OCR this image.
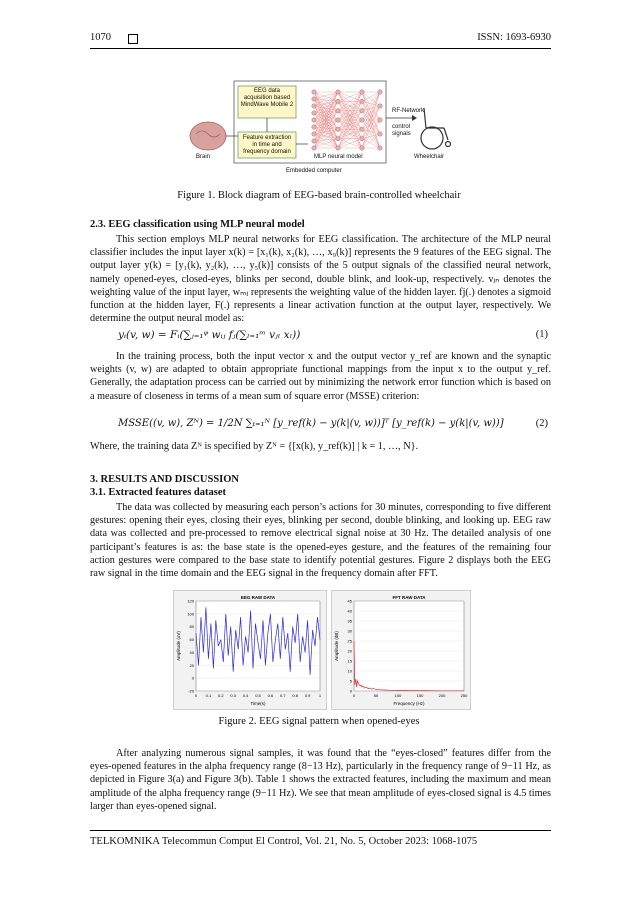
1070	ISSN: 1693-6930
EEG data acquisition based MindWave Mobile 2
Feature extraction in time and frequency domain
MLP neural model
Embedded computer
Brain
RF-Network
control signals
Wheelchair
Figure 1. Block diagram of EEG-based brain-controlled wheelchair
2.3. EEG classification using MLP neural model

This section employs MLP neural networks for EEG classification. The architecture of the MLP neural classifier includes the input layer x(k) = [x₁(k), x₂(k), …, x₉(k)] represents the 9 features of the EEG signal. The output layer y(k) = [y₁(k), y₂(k), …, y₅(k)] consists of the 5 output signals of the classified neural network, namely opened-eyes, closed-eyes, blinks per second, double blink, and look-up, respectively. vⱼₙ denotes the weighting value of the input layer, wₘⱼ represents the weighting value of the hidden layer. fj(.) denotes a sigmoid function at the hidden layer, F(.) represents a linear activation function at the output layer, respectively. We determine the output neural model as:

yᵢ(v, w) = Fᵢ(∑ⱼ₌₁ᵠ wᵢⱼ fⱼ(∑ₗ₌₁ᵐ vⱼₗ xₗ))	(1)

In the training process, both the input vector x and the output vector y_ref are known and the synaptic weights (v, w) are adapted to obtain appropriate functional mappings from the input x to the output y_ref. Generally, the adaptation process can be carried out by minimizing the network error function which is based on a measure of closeness in terms of a mean sum of square error (MSSE) criterion:

MSSE((v, w), Zᴺ) = 1/2N ∑ₜ₌₁ᴺ [y_ref(k) − y(k|(v, w))]ᵀ [y_ref(k) − y(k|(v, w))]	(2)

Where, the training data Zᴺ is specified by Zᴺ = {[x(k), y_ref(k)] | k = 1, …, N}.

3. RESULTS AND DISCUSSION
3.1. Extracted features dataset

The data was collected by measuring each person’s actions for 30 minutes, corresponding to five different gestures: opening their eyes, closing their eyes, blinking per second, double blinking, and looking up. EEG raw data was collected and pre-processed to remove electrical signal noise at 30 Hz. The detailed analysis of one participant’s features is as: the base state is the opened-eyes gesture, and the features of the remaining four action gestures were compared to the base state to identify potential gestures. Figure 2 displays both the EEG raw signal in the time domain and the EEG signal in the frequency domain after FFT.

EEG RAW DATA
-20
0
20
40
60
80
100
120
0 0.1 0.2 0.3 0.4 0.5 0.6 0.7 0.8 0.9 1
Time(s)
Amplitude (uV)
FFT RAW DATA
0
5
10
15
20
25
30
35
40
45
0	50	100	150	200	250
Frequency (Hz)
Amplitude (dB)
Figure 2. EEG signal pattern when opened-eyes

After analyzing numerous signal samples, it was found that the “eyes-closed” features differ from the eyes-opened features in the alpha frequency range (8−13 Hz), particularly in the frequency range of 9−11 Hz, as depicted in Figure 3(a) and Figure 3(b). Table 1 shows the extracted features, including the maximum and mean amplitude of the alpha frequency range (9−11 Hz). We see that mean amplitude of eyes-closed signal is 4.5 times larger than eyes-opened signal.

TELKOMNIKA Telecommun Comput El Control, Vol. 21, No. 5, October 2023: 1068-1075
